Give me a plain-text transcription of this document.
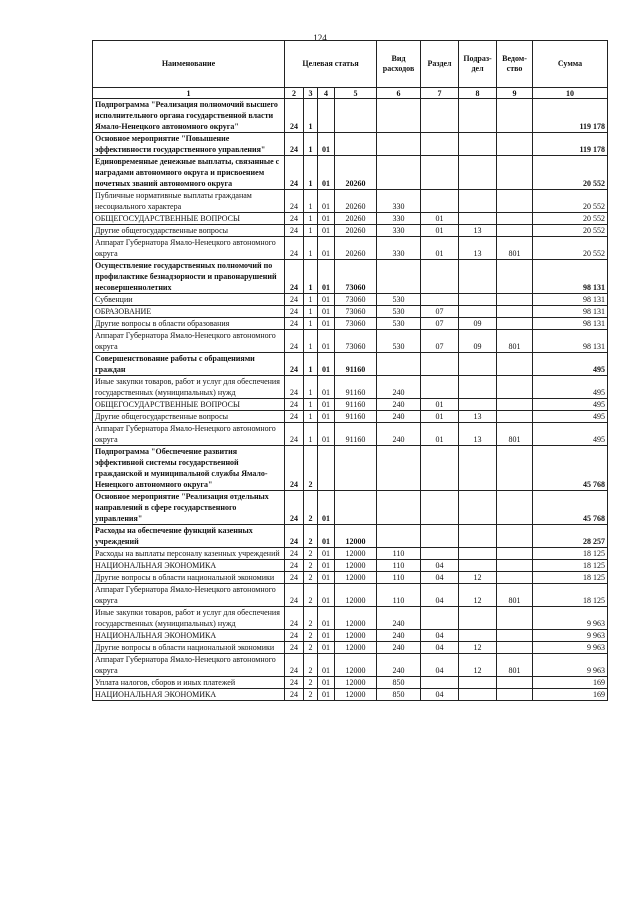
124
Наименование	Целевая статья				Вид расходов	Раздел	Подраз-дел	Ведом-ство	Сумма
1	2	3	4	5	6	7	8	9	10
Подпрограмма "Реализация полномочий высшего исполнительного органа государственной власти Ямало-Ненецкого автономного округа"	24	1							119 178
Основное мероприятие "Повышение эффективности государственного управления"	24	1	01						119 178
Единовременные денежные выплаты, связанные с наградами автономного округа и присвоением почетных званий автономного округа	24	1	01	20260					20 552
Публичные нормативные выплаты гражданам несоциального характера	24	1	01	20260	330				20 552
ОБЩЕГОСУДАРСТВЕННЫЕ ВОПРОСЫ	24	1	01	20260	330	01			20 552
Другие общегосударственные вопросы	24	1	01	20260	330	01	13		20 552
Аппарат Губернатора Ямало-Ненецкого автономного округа	24	1	01	20260	330	01	13	801	20 552
Осуществление государственных полномочий по профилактике безнадзорности и правонарушений несовершеннолетних	24	1	01	73060					98 131
Субвенции	24	1	01	73060	530				98 131
ОБРАЗОВАНИЕ	24	1	01	73060	530	07			98 131
Другие вопросы в области образования	24	1	01	73060	530	07	09		98 131
Аппарат Губернатора Ямало-Ненецкого автономного округа	24	1	01	73060	530	07	09	801	98 131
Совершенствование работы с обращениями граждан	24	1	01	91160					495
Иные закупки товаров, работ и услуг для обеспечения государственных (муниципальных) нужд	24	1	01	91160	240				495
ОБЩЕГОСУДАРСТВЕННЫЕ ВОПРОСЫ	24	1	01	91160	240	01			495
Другие общегосударственные вопросы	24	1	01	91160	240	01	13		495
Аппарат Губернатора Ямало-Ненецкого автономного округа	24	1	01	91160	240	01	13	801	495
Подпрограмма "Обеспечение развития эффективной системы государственной гражданской и муниципальной службы Ямало-Ненецкого автономного округа"	24	2							45 768
Основное мероприятие "Реализация отдельных направлений в сфере государственного управления"	24	2	01						45 768
Расходы на обеспечение функций казенных учреждений	24	2	01	12000					28 257
Расходы на выплаты персоналу казенных учреждений	24	2	01	12000	110				18 125
НАЦИОНАЛЬНАЯ ЭКОНОМИКА	24	2	01	12000	110	04			18 125
Другие вопросы в области национальной экономики	24	2	01	12000	110	04	12		18 125
Аппарат Губернатора Ямало-Ненецкого автономного округа	24	2	01	12000	110	04	12	801	18 125
Иные закупки товаров, работ и услуг для обеспечения государственных (муниципальных) нужд	24	2	01	12000	240				9 963
НАЦИОНАЛЬНАЯ ЭКОНОМИКА	24	2	01	12000	240	04			9 963
Другие вопросы в области национальной экономики	24	2	01	12000	240	04	12		9 963
Аппарат Губернатора Ямало-Ненецкого автономного округа	24	2	01	12000	240	04	12	801	9 963
Уплата налогов, сборов и иных платежей	24	2	01	12000	850				169
НАЦИОНАЛЬНАЯ ЭКОНОМИКА	24	2	01	12000	850	04			169
